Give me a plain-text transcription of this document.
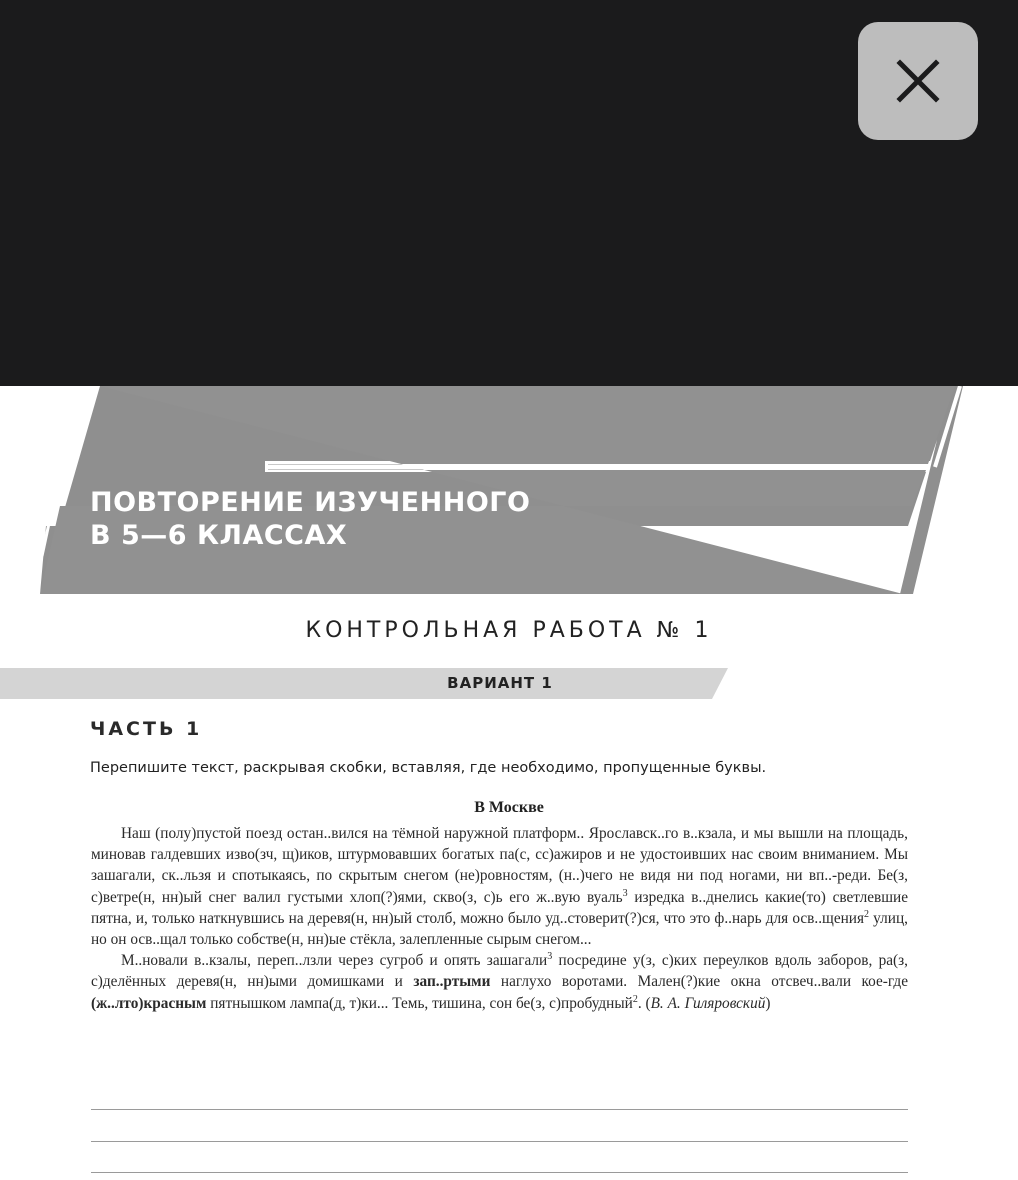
ПОВТОРЕНИЕ ИЗУЧЕННОГО
В 5—6 КЛАССАХ
КОНТРОЛЬНАЯ РАБОТА № 1
ВАРИАНТ 1
ЧАСТЬ 1
Перепишите текст, раскрывая скобки, вставляя, где необходимо, пропущенные буквы.
В Москве

Наш (полу)пустой поезд остан..вился на тёмной наружной платформ.. Ярославск..го в..кзала, и мы вышли на площадь, миновав галдевших изво(зч, щ)иков, штурмовавших богатых па(с, сс)ажиров и не удостоивших нас своим вниманием. Мы зашагали, ск..льзя и спотыкаясь, по скрытым снегом (не)ровностям, (н..)чего не видя ни под ногами, ни вп..-реди. Бе(з, с)ветре(н, нн)ый снег валил густыми хлоп(?)ями, скво(з, с)ь его ж..вую вуаль$^3$ изредка в..днелись какие(то) светлевшие пятна, и, только наткнувшись на деревя(н, нн)ый столб, можно было уд..стоверит(?)ся, что это ф..нарь для осв..щения$^2$ улиц, но он осв..щал только собстве(н, нн)ые стёкла, залепленные сырым снегом...

М..новали в..кзалы, переп..лзли через сугроб и опять зашагали$^3$ посредине у(з, с)ких переулков вдоль заборов, ра(з, с)делённых деревя(н, нн)ыми домишками и зап..ртыми наглухо воротами. Мален(?)кие окна отсвеч..вали кое-где (ж..лто)красным пятнышком лампа(д, т)ки... Темь, тишина, сон бе(з, с)пробудный$^2$. (В. А. Гиляровский)
